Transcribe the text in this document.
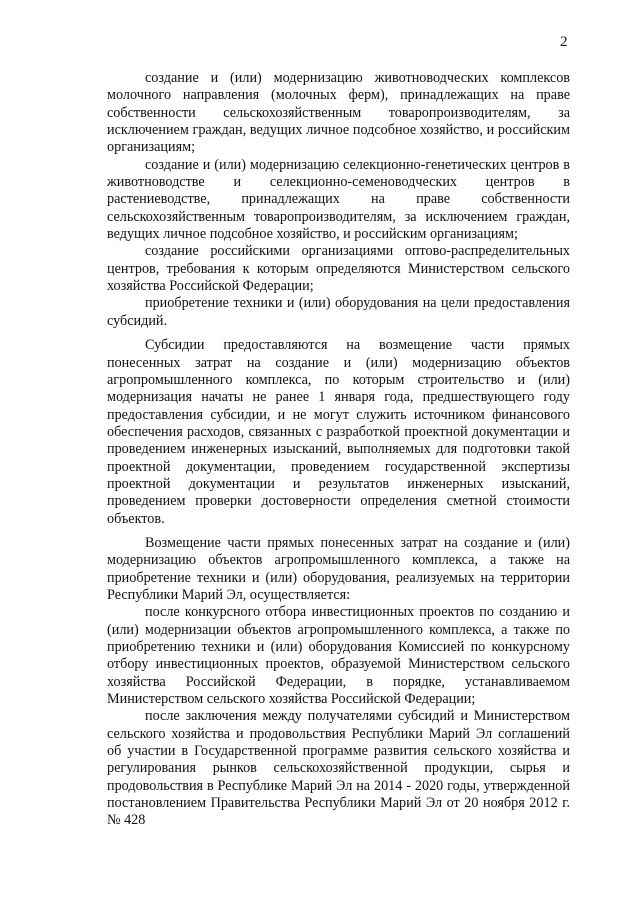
2

создание и (или) модернизацию животноводческих комплексов молочного направления (молочных ферм), принадлежащих на праве собственности сельскохозяйственным товаропроизводителям, за исключением граждан, ведущих личное подсобное хозяйство, и российским организациям;

создание и (или) модернизацию селекционно-генетических центров в животноводстве и селекционно-семеноводческих центров в растениеводстве, принадлежащих на праве собственности сельскохозяйственным товаропроизводителям, за исключением граждан, ведущих личное подсобное хозяйство, и российским организациям;

создание российскими организациями оптово-распределительных центров, требования к которым определяются Министерством сельского хозяйства Российской Федерации;

приобретение техники и (или) оборудования на цели предоставления субсидий.

Субсидии предоставляются на возмещение части прямых понесенных затрат на создание и (или) модернизацию объектов агропромышленного комплекса, по которым строительство и (или) модернизация начаты не ранее 1 января года, предшествующего году предоставления субсидии, и не могут служить источником финансового обеспечения расходов, связанных с разработкой проектной документации и проведением инженерных изысканий, выполняемых для подготовки такой проектной документации, проведением государственной экспертизы проектной документации и результатов инженерных изысканий, проведением проверки достоверности определения сметной стоимости объектов.

Возмещение части прямых понесенных затрат на создание и (или) модернизацию объектов агропромышленного комплекса, а также на приобретение техники и (или) оборудования, реализуемых на территории Республики Марий Эл, осуществляется:

после конкурсного отбора инвестиционных проектов по созданию и (или) модернизации объектов агропромышленного комплекса, а также по приобретению техники и (или) оборудования Комиссией по конкурсному отбору инвестиционных проектов, образуемой Министерством сельского хозяйства Российской Федерации, в порядке, устанавливаемом Министерством сельского хозяйства Российской Федерации;

после заключения между получателями субсидий и Министерством сельского хозяйства и продовольствия Республики Марий Эл соглашений об участии в Государственной программе развития сельского хозяйства и регулирования рынков сельскохозяйственной продукции, сырья и продовольствия в Республике Марий Эл на 2014 - 2020 годы, утвержденной постановлением Правительства Республики Марий Эл от 20 ноября 2012 г. № 428
